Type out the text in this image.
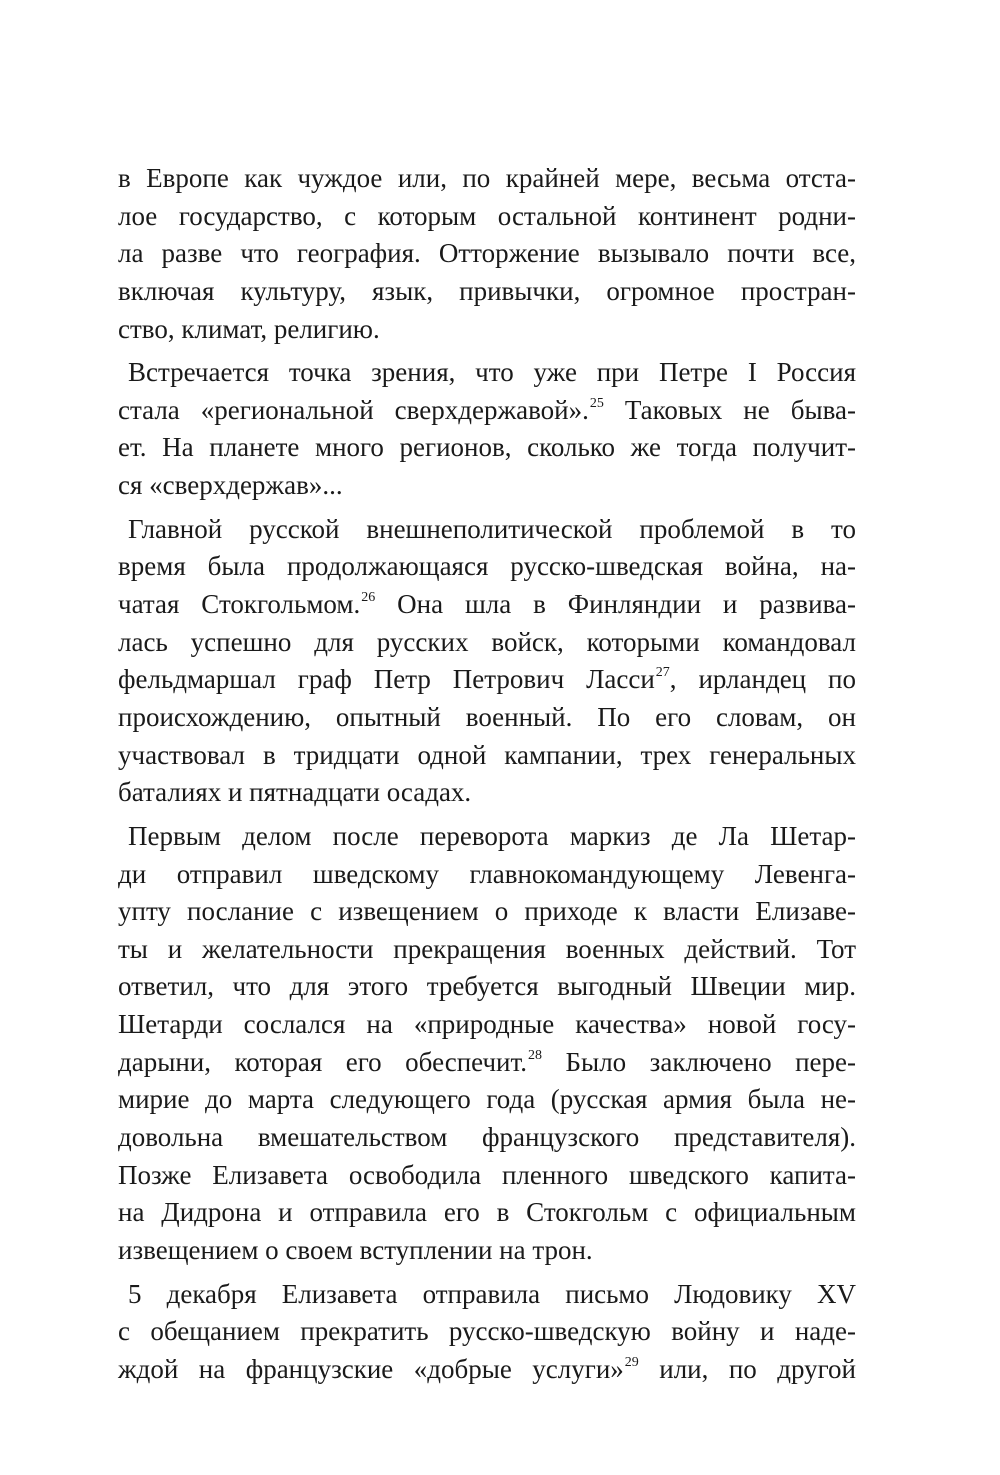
в Европе как чуждое или, по крайней мере, весьма отста-
лое государство, с которым остальной континент родни-
ла разве что география. Отторжение вызывало почти все,
включая культуру, язык, привычки, огромное простран-
ство, климат, религию.
Встречается точка зрения, что уже при Петре I Россия
стала «региональной сверхдержавой».$^{25}$ Таковых не быва-
ет. На планете много регионов, сколько же тогда получит-
ся «сверхдержав»...
Главной русской внешнеполитической проблемой в то
время была продолжающаяся русско-шведская война, на-
чатая Стокгольмом.$^{26}$ Она шла в Финляндии и развива-
лась успешно для русских войск, которыми командовал
фельдмаршал граф Петр Петрович Ласси$^{27}$, ирландец по
происхождению, опытный военный. По его словам, он
участвовал в тридцати одной кампании, трех генеральных
баталиях и пятнадцати осадах.
Первым делом после переворота маркиз де Ла Шетар-
ди отправил шведскому главнокомандующему Левенга-
упту послание с извещением о приходе к власти Елизаве-
ты и желательности прекращения военных действий. Тот
ответил, что для этого требуется выгодный Швеции мир.
Шетарди сослался на «природные качества» новой госу-
дарыни, которая его обеспечит.$^{28}$ Было заключено пере-
мирие до марта следующего года (русская армия была не-
довольна вмешательством французского представителя).
Позже Елизавета освободила пленного шведского капита-
на Дидрона и отправила его в Стокгольм с официальным
извещением о своем вступлении на трон.
5 декабря Елизавета отправила письмо Людовику XV
с обещанием прекратить русско-шведскую войну и наде-
ждой на французские «добрые услуги»$^{29}$ или, по другой
